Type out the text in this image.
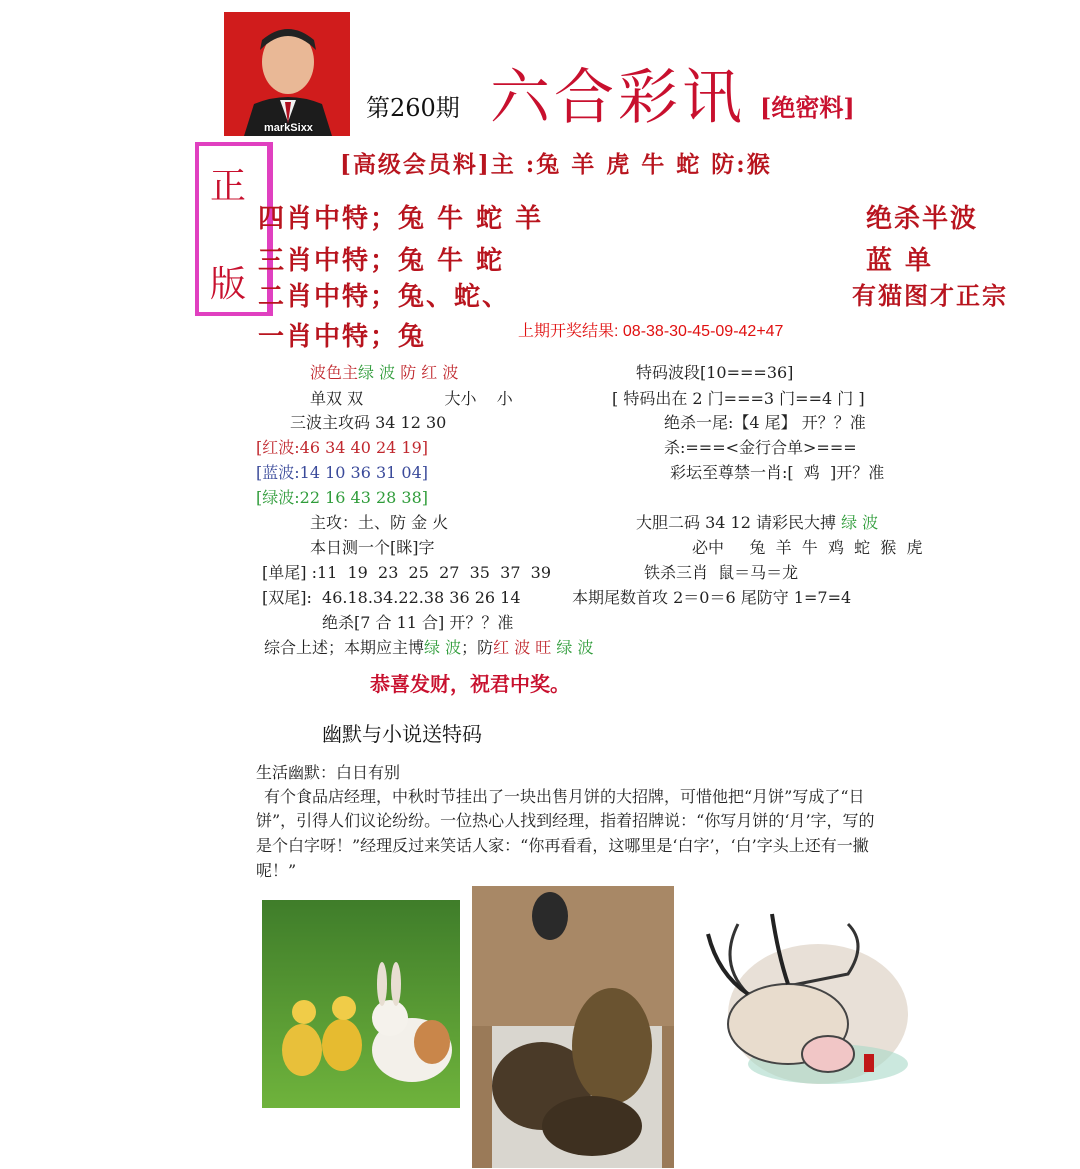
markSixx
第260期 六合彩讯 [绝密料]
正
版
[高级会员料]主 :兔 羊 虎 牛 蛇 防:猴
四肖中特；兔 牛 蛇 羊
三肖中特；兔 牛 蛇
二肖中特；兔、蛇、
一肖中特；兔
绝杀半波
蓝 单
有猫图才正宗
上期开奖结果: 08-38-30-45-09-42+47
波色主绿 波 防 红 波
单双 双                大小    小
三波主攻码 34 12 30
[红波:46 34 40 24 19]
[蓝波:14 10 36 31 04]
[绿波:22 16 43 28 38]
主攻：土、防 金 火
本日测一个[眯]字
[单尾] :11  19  23  25  27  35  37  39
[双尾]:  46.18.34.22.38 36 26 14
绝杀[7 合 11 合] 开？？准
综合上述；本期应主博绿 波；防红 波 旺 绿 波
特码波段[10===36]
[ 特码出在 2 门===3 门==4 门 ]
绝杀一尾:【4 尾】 开？？准
杀:===<金行合单>===
彩坛至尊禁一肖:[  鸡  ]开？准
大胆二码 34 12 请彩民大搏 绿 波
必中     兔  羊  牛  鸡  蛇  猴  虎
铁杀三肖  鼠＝马＝龙
本期尾数首攻 2＝0＝6 尾防守 1=7=4
恭喜发财，祝君中奖。
幽默与小说送特码
生活幽默：白日有别
有个食品店经理，中秋时节挂出了一块出售月饼的大招牌，可惜他把“月饼”写成了“日
饼”，引得人们议论纷纷。一位热心人找到经理，指着招牌说：“你写月饼的‘月’字，写的
是个白字呀！”经理反过来笑话人家：“你再看看，这哪里是‘白字’，‘白’字头上还有一撇
呢！”
